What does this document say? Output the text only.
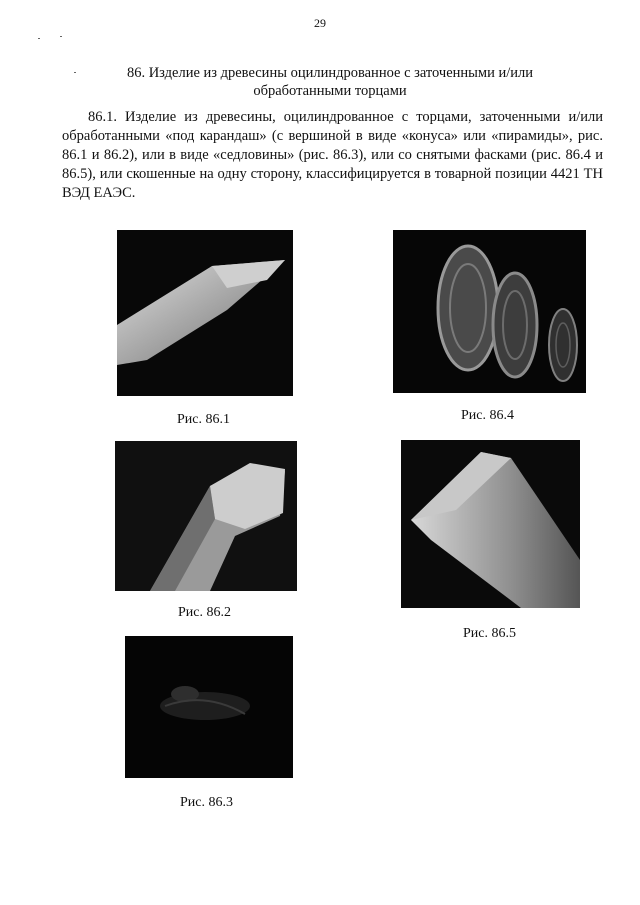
29
86. Изделие из древесины оцилиндрованное с заточенными и/или
обработанными торцами

86.1. Изделие из древесины, оцилиндрованное с торцами, заточенными и/или обработанными «под карандаш» (с вершиной в виде «конуса» или «пирамиды», рис. 86.1 и 86.2), или в виде «седловины» (рис. 86.3), или со снятыми фасками (рис. 86.4 и 86.5), или скошенные на одну сторону, классифицируется в товарной позиции 4421 ТН ВЭД ЕАЭС.

Рис. 86.1	Рис. 86.4
Рис. 86.2
Рис. 86.5
Рис. 86.3
